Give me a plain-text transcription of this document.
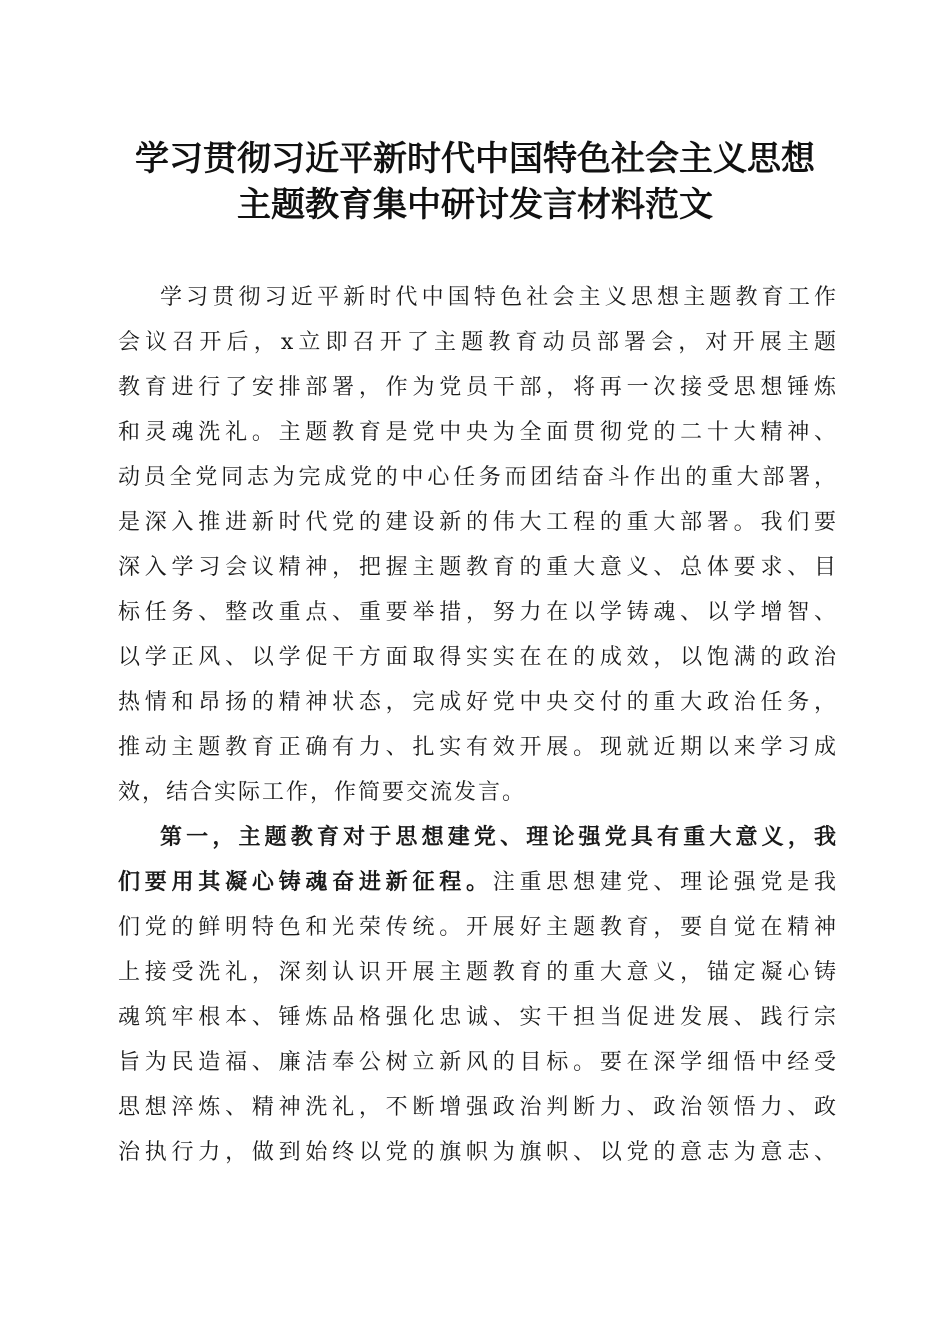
学习贯彻习近平新时代中国特色社会主义思想
主题教育集中研讨发言材料范文
学习贯彻习近平新时代中国特色社会主义思想主题教育工作
会议召开后，x立即召开了主题教育动员部署会，对开展主题
教育进行了安排部署，作为党员干部，将再一次接受思想锤炼
和灵魂洗礼。主题教育是党中央为全面贯彻党的二十大精神、
动员全党同志为完成党的中心任务而团结奋斗作出的重大部署，
是深入推进新时代党的建设新的伟大工程的重大部署。我们要
深入学习会议精神，把握主题教育的重大意义、总体要求、目
标任务、整改重点、重要举措，努力在以学铸魂、以学增智、
以学正风、以学促干方面取得实实在在的成效，以饱满的政治
热情和昂扬的精神状态，完成好党中央交付的重大政治任务，
推动主题教育正确有力、扎实有效开展。现就近期以来学习成
效，结合实际工作，作简要交流发言。
第一，主题教育对于思想建党、理论强党具有重大意义，我
们要用其凝心铸魂奋进新征程。注重思想建党、理论强党是我
们党的鲜明特色和光荣传统。开展好主题教育，要自觉在精神
上接受洗礼，深刻认识开展主题教育的重大意义，锚定凝心铸
魂筑牢根本、锤炼品格强化忠诚、实干担当促进发展、践行宗
旨为民造福、廉洁奉公树立新风的目标。要在深学细悟中经受
思想淬炼、精神洗礼，不断增强政治判断力、政治领悟力、政
治执行力，做到始终以党的旗帜为旗帜、以党的意志为意志、
